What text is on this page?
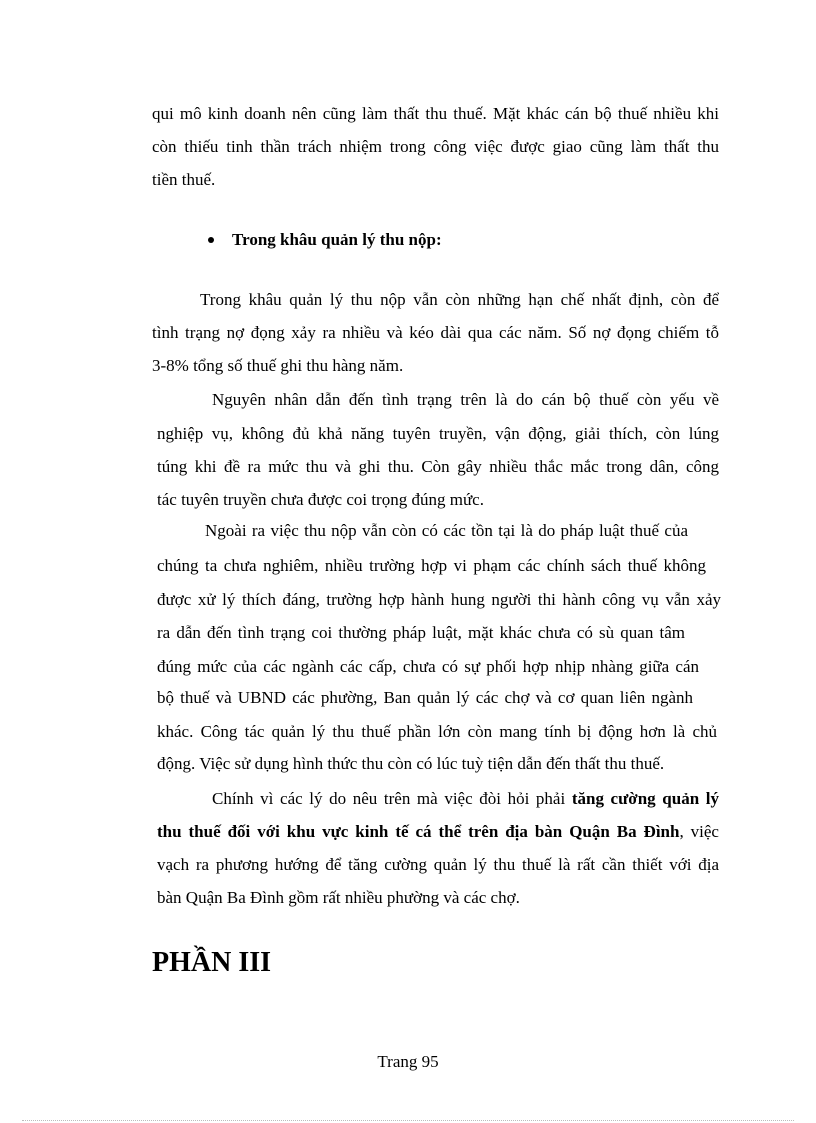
qui mô kinh doanh nên cũng làm thất thu thuế. Mặt khác cán bộ thuế nhiều khi
còn thiếu tinh thần trách nhiệm trong công việc được giao cũng làm thất thu
tiền thuế.
Trong khâu quản lý thu nộp:
Trong khâu quản lý thu nộp vẫn còn những hạn chế nhất định, còn để
tình trạng nợ đọng xảy ra nhiều và kéo dài qua các năm. Số nợ đọng chiếm tỗ
3-8% tổng số thuế ghi thu hàng năm.
Nguyên nhân dẫn đến tình trạng trên là do cán bộ thuế còn yếu về
nghiệp vụ, không đủ khả năng tuyên truyền, vận động, giải thích, còn lúng
túng khi đề ra mức thu và ghi thu. Còn gây nhiều thắc mắc trong dân, công
tác tuyên truyền chưa được coi trọng đúng mức.
Ngoài ra việc thu nộp vẫn còn có các tồn tại là do pháp luật thuế của
chúng ta chưa nghiêm, nhiều trường hợp vi phạm các chính sách thuế không
được xử lý thích đáng, trường hợp hành hung người thi hành công vụ vẫn xảy
ra dẫn đến tình trạng coi thường pháp luật, mặt khác chưa có sù quan tâm
đúng mức của các ngành các cấp, chưa có sự phối hợp nhịp nhàng giữa cán
bộ thuế và UBND các phường, Ban quản lý các chợ và cơ quan liên ngành
khác. Công tác quản lý thu thuế phần lớn còn mang tính bị động hơn là chủ
động. Việc sử dụng hình thức thu còn có lúc tuỳ tiện dẫn đến thất thu thuế.
Chính vì các lý do nêu trên mà việc đòi hỏi phải tăng cường quản lý
thu thuế đối với khu vực kinh tế cá thể trên địa bàn Quận Ba Đình, việc
vạch ra phương hướng để tăng cường quản lý thu thuế là rất cần thiết với địa
bàn Quận Ba Đình gồm rất nhiều phường và các chợ.
PHẦN III
Trang 95
